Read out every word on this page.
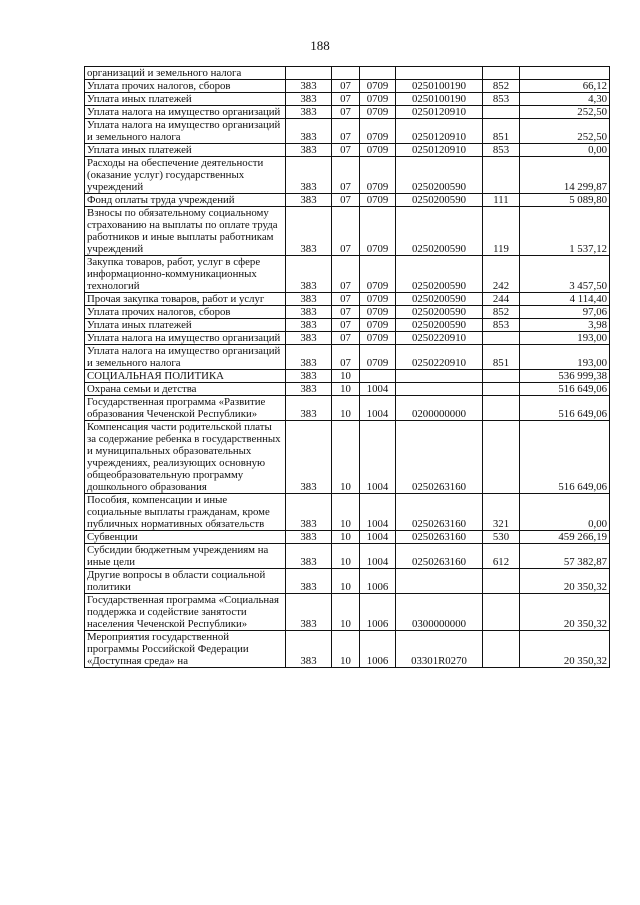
188
организаций и земельного налога						
Уплата прочих налогов, сборов	383	07	0709	0250100190	852	66,12
Уплата иных платежей	383	07	0709	0250100190	853	4,30
Уплата налога на имущество организаций	383	07	0709	0250120910		252,50
Уплата налога на имущество организаций и земельного налога	383	07	0709	0250120910	851	252,50
Уплата иных платежей	383	07	0709	0250120910	853	0,00
Расходы на обеспечение деятельности (оказание услуг) государственных учреждений	383	07	0709	0250200590		14 299,87
Фонд оплаты труда учреждений	383	07	0709	0250200590	111	5 089,80
Взносы по обязательному социальному страхованию на выплаты по оплате труда работников и иные выплаты работникам учреждений	383	07	0709	0250200590	119	1 537,12
Закупка товаров, работ, услуг в сфере информационно-коммуникационных технологий	383	07	0709	0250200590	242	3 457,50
Прочая закупка товаров, работ и услуг	383	07	0709	0250200590	244	4 114,40
Уплата прочих налогов, сборов	383	07	0709	0250200590	852	97,06
Уплата иных платежей	383	07	0709	0250200590	853	3,98
Уплата налога на имущество организаций	383	07	0709	0250220910		193,00
Уплата налога на имущество организаций и земельного налога	383	07	0709	0250220910	851	193,00
СОЦИАЛЬНАЯ ПОЛИТИКА	383	10				536 999,38
Охрана семьи и детства	383	10	1004			516 649,06
Государственная программа «Развитие образования Чеченской Республики»	383	10	1004	0200000000		516 649,06
Компенсация части родительской платы за содержание ребенка в государственных и муниципальных образовательных учреждениях, реализующих основную общеобразовательную программу дошкольного образования	383	10	1004	0250263160		516 649,06
Пособия, компенсации и иные социальные выплаты гражданам, кроме публичных нормативных обязательств	383	10	1004	0250263160	321	0,00
Субвенции	383	10	1004	0250263160	530	459 266,19
Субсидии бюджетным учреждениям на иные цели	383	10	1004	0250263160	612	57 382,87
Другие вопросы в области социальной политики	383	10	1006			20 350,32
Государственная программа «Социальная поддержка и содействие занятости населения Чеченской Республики»	383	10	1006	0300000000		20 350,32
Мероприятия государственной программы Российской Федерации «Доступная среда» на	383	10	1006	03301R0270		20 350,32
